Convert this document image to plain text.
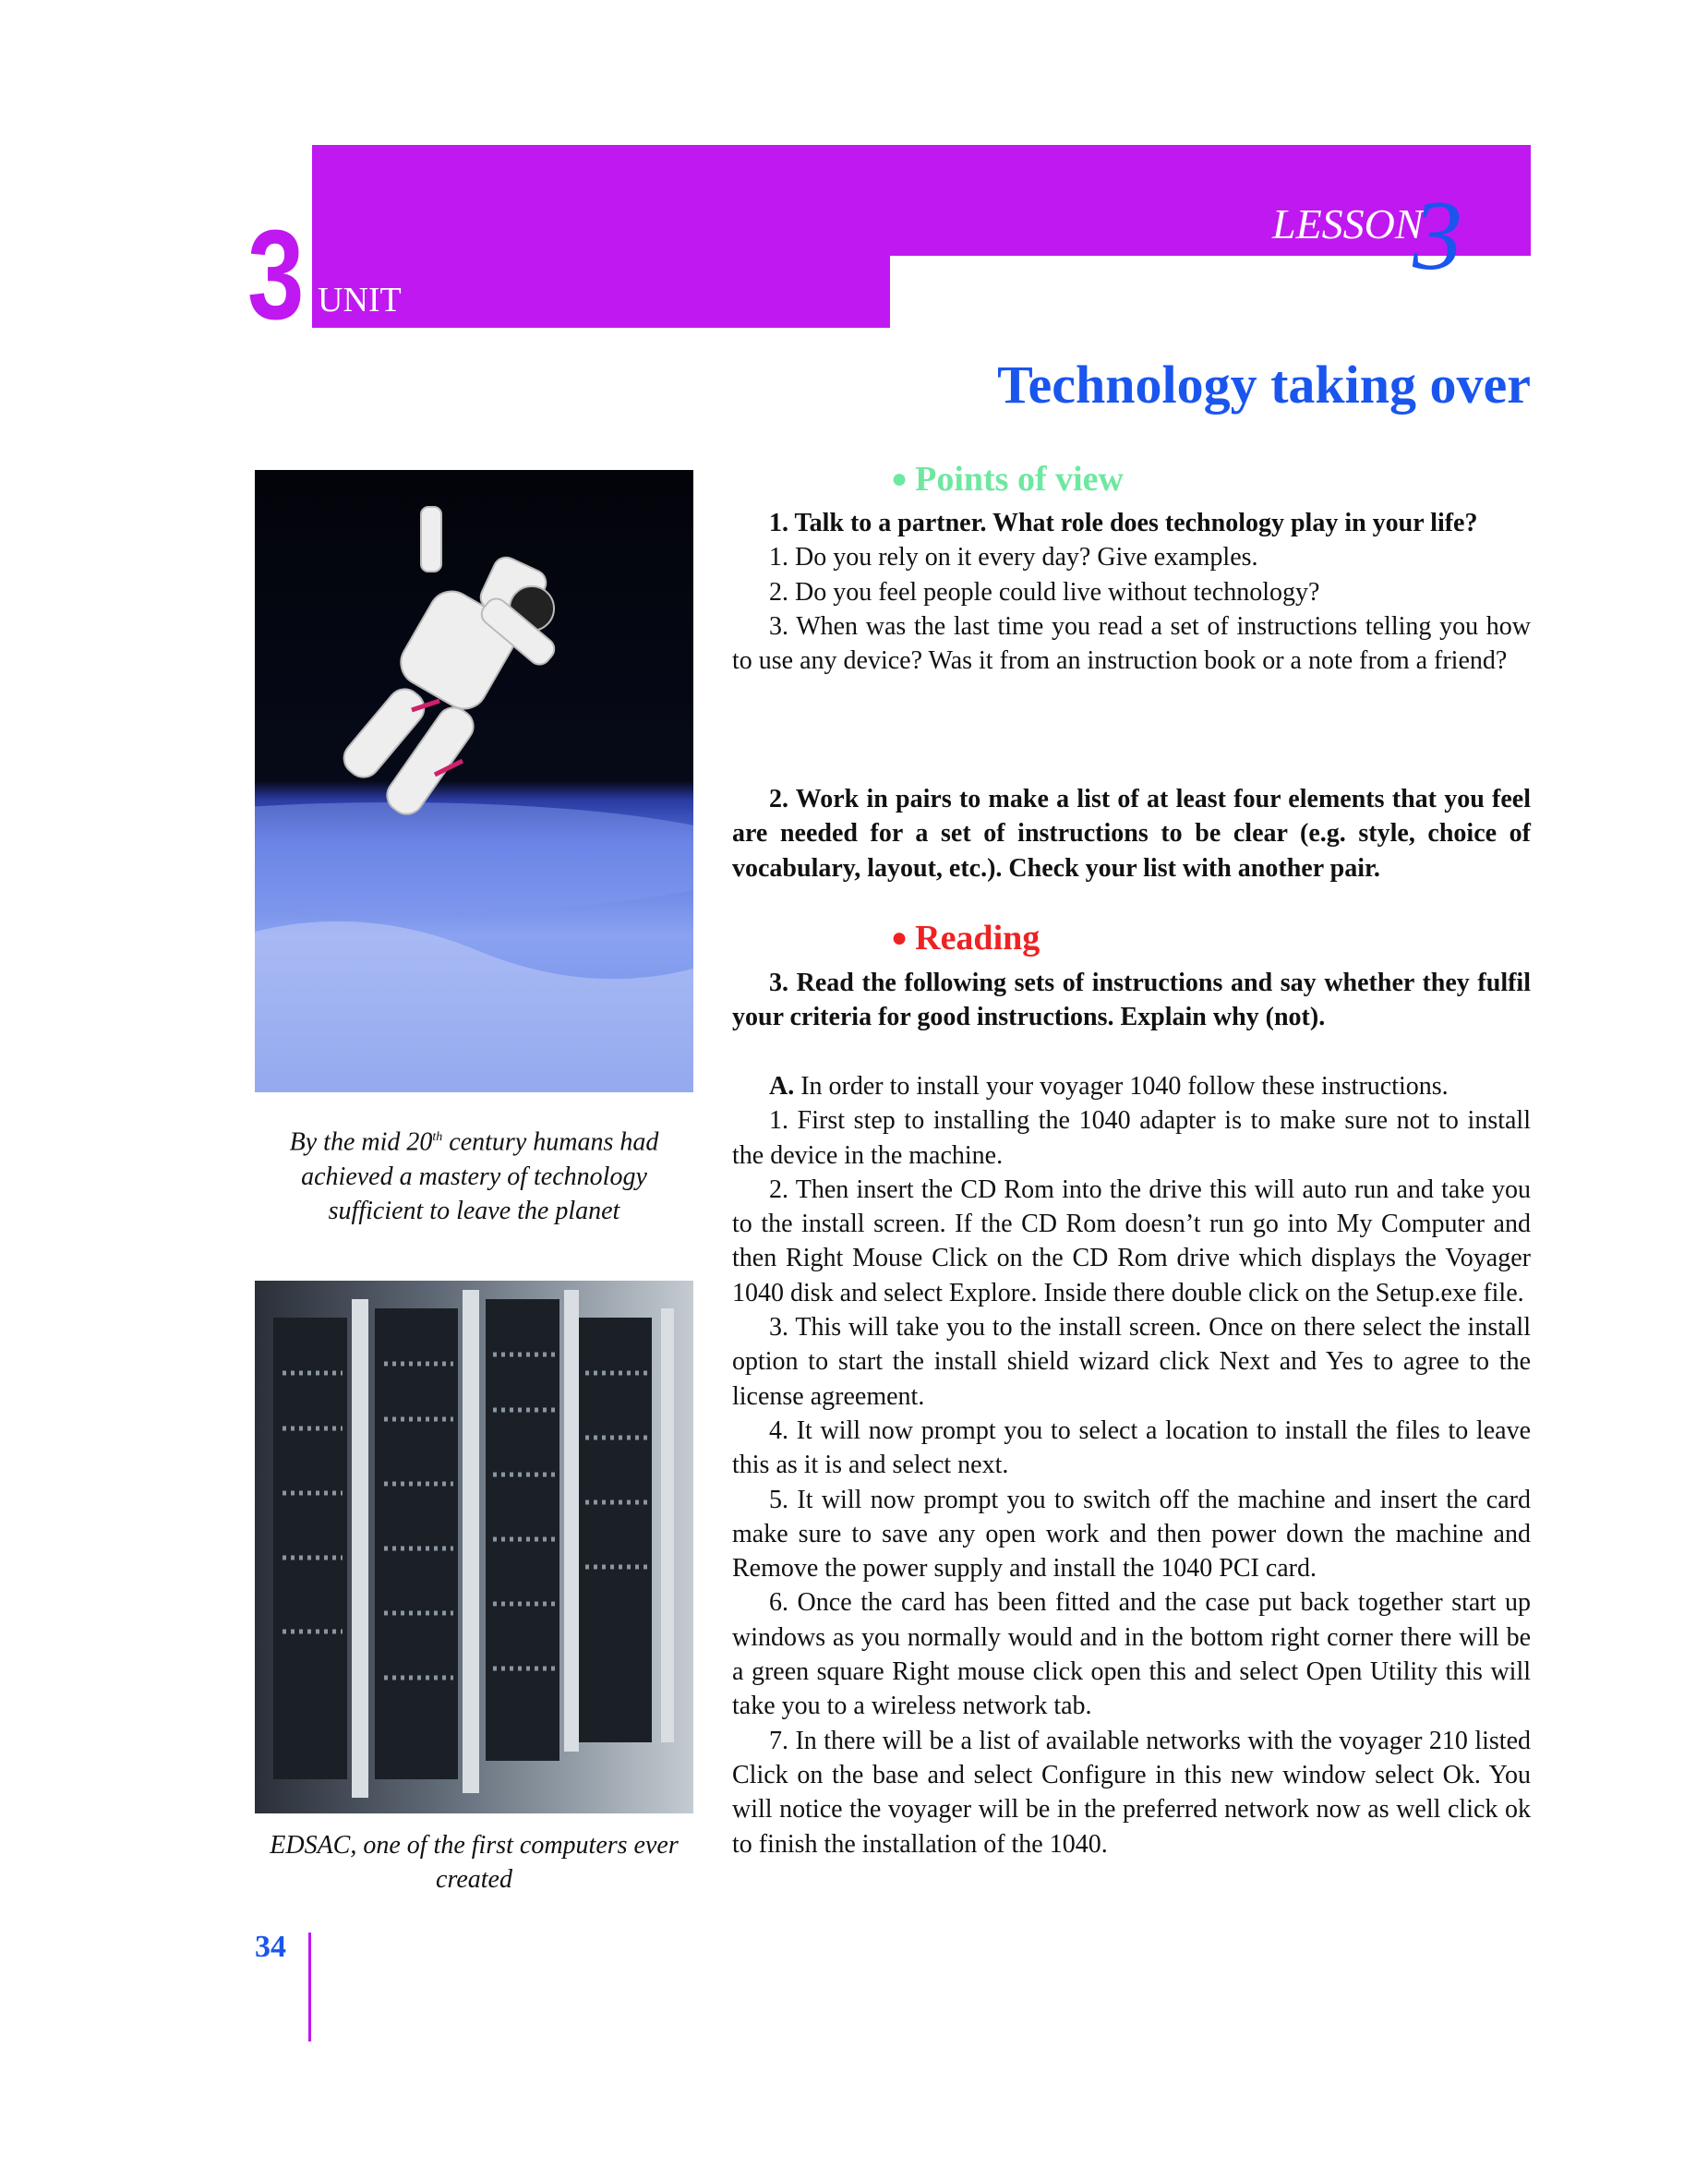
3 UNIT
LESSON
3
Technology taking over
By the mid 20th century humans had achieved a mastery of technology sufficient to leave the planet
EDSAC, one of the first computers ever created
● Points of view

1. Talk to a partner. What role does technology play in your life?

1. Do you rely on it every day? Give examples.

2. Do you feel people could live without technology?

3. When was the last time you read a set of instructions telling you how to use any device? Was it from an instruction book or a note from a friend?

2. Work in pairs to make a list of at least four elements that you feel are needed for a set of instructions to be clear (e.g. style, choice of vocabulary, layout, etc.). Check your list with another pair.

● Reading

3. Read the following sets of instructions and say whether they fulfil your criteria for good instructions. Explain why (not).

A. In order to install your voyager 1040 follow these instructions.

1. First step to installing the 1040 adapter is to make sure not to install the device in the machine.

2. Then insert the CD Rom into the drive this will auto run and take you to the install screen. If the CD Rom doesn’t run go into My Computer and then Right Mouse Click on the CD Rom drive which displays the Voyager 1040 disk and select Explore. Inside there double click on the Setup.exe file.

3. This will take you to the install screen. Once on there select the install option to start the install shield wizard click Next and Yes to agree to the license agreement.

4. It will now prompt you to select a location to install the files to leave this as it is and select next.

5. It will now prompt you to switch off the machine and insert the card make sure to save any open work and then power down the machine and Remove the power supply and install the 1040 PCI card.

6. Once the card has been fitted and the case put back together start up windows as you normally would and in the bottom right corner there will be a green square Right mouse click open this and select Open Utility this will take you to a wireless network tab.

7. In there will be a list of available networks with the voyager 210 listed Click on the base and select Configure in this new window select Ok. You will notice the voyager will be in the preferred network now as well click ok to finish the installation of the 1040.

34
